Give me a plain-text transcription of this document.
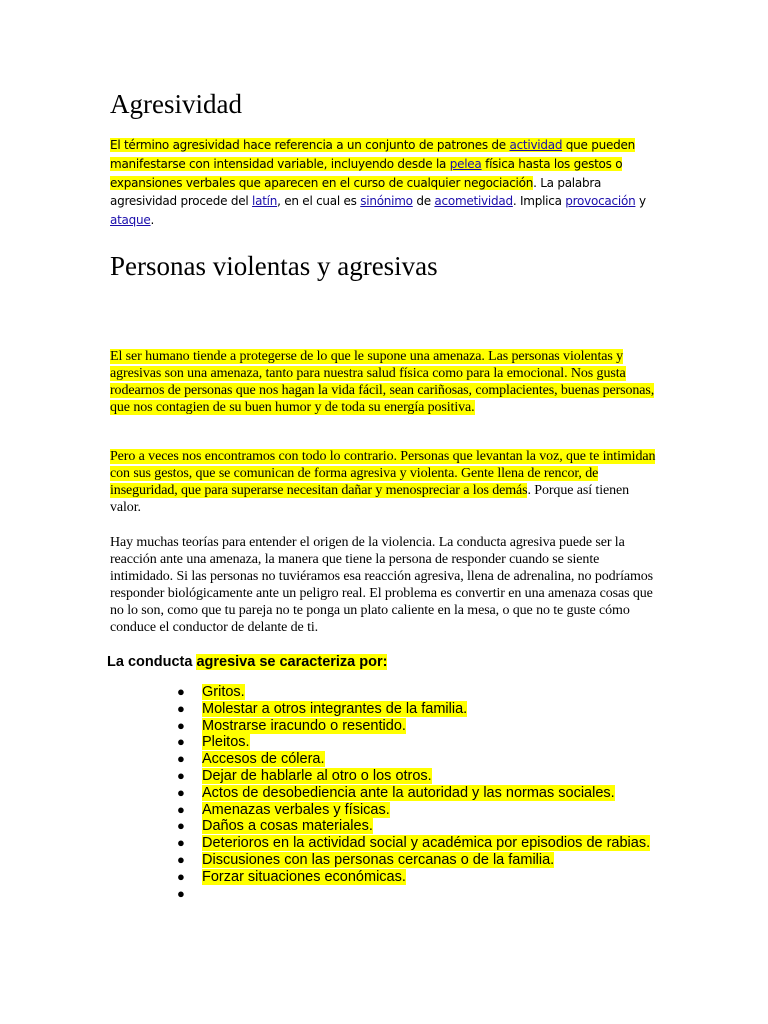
Agresividad

El término agresividad hace referencia a un conjunto de patrones de actividad que pueden manifestarse con intensidad variable, incluyendo desde la pelea física hasta los gestos o expansiones verbales que aparecen en el curso de cualquier negociación. La palabra agresividad procede del latín, en el cual es sinónimo de acometividad. Implica provocación y ataque.

Personas violentas y agresivas

El ser humano tiende a protegerse de lo que le supone una amenaza. Las personas violentas y agresivas son una amenaza, tanto para nuestra salud física como para la emocional. Nos gusta rodearnos de personas que nos hagan la vida fácil, sean cariñosas, complacientes, buenas personas, que nos contagien de su buen humor y de toda su energía positiva.

Pero a veces nos encontramos con todo lo contrario. Personas que levantan la voz, que te intimidan con sus gestos, que se comunican de forma agresiva y violenta. Gente llena de rencor, de inseguridad, que para superarse necesitan dañar y menospreciar a los demás. Porque así tienen valor.

Hay muchas teorías para entender el origen de la violencia. La conducta agresiva puede ser la reacción ante una amenaza, la manera que tiene la persona de responder cuando se siente intimidado. Si las personas no tuviéramos esa reacción agresiva, llena de adrenalina, no podríamos responder biológicamente ante un peligro real. El problema es convertir en una amenaza cosas que no lo son, como que tu pareja no te ponga un plato caliente en la mesa, o que no te guste cómo conduce el conductor de delante de ti.

La conducta agresiva se caracteriza por:

● Gritos.
● Molestar a otros integrantes de la familia.
● Mostrarse iracundo o resentido.
● Pleitos.
● Accesos de cólera.
● Dejar de hablarle al otro o los otros.
● Actos de desobediencia ante la autoridad y las normas sociales.
● Amenazas verbales y físicas.
● Daños a cosas materiales.
● Deterioros en la actividad social y académica por episodios de rabias.
● Discusiones con las personas cercanas o de la familia.
● Forzar situaciones económicas.
●
